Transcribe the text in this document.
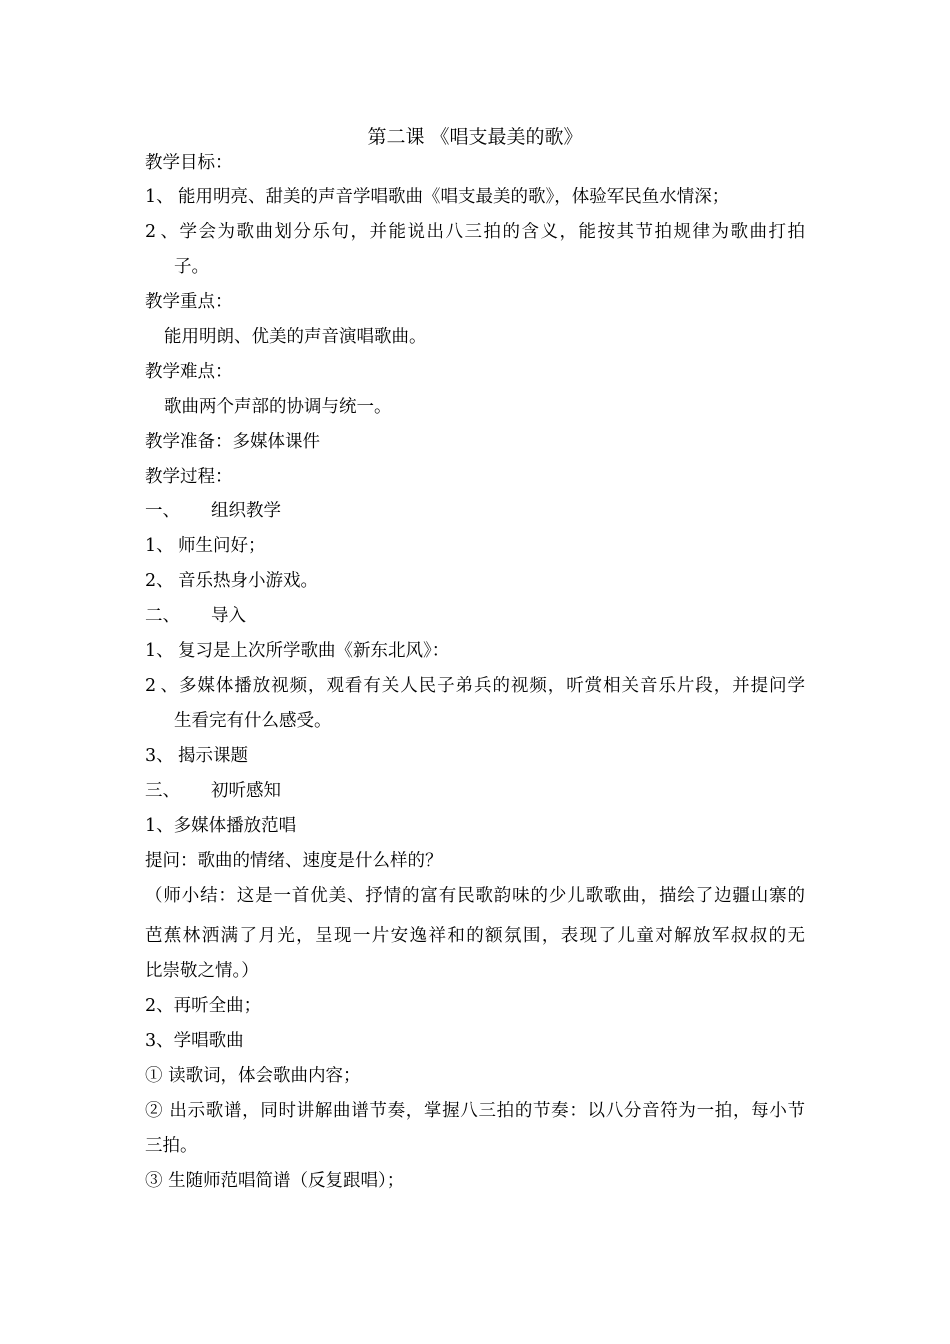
第二课 《唱支最美的歌》
教学目标：
1、 能用明亮、甜美的声音学唱歌曲《唱支最美的歌》，体验军民鱼水情深；
2、学会为歌曲划分乐句，并能说出八三拍的含义，能按其节拍规律为歌曲打拍
子。
教学重点：
能用明朗、优美的声音演唱歌曲。
教学难点：
歌曲两个声部的协调与统一。
教学准备：多媒体课件
教学过程：
一、 组织教学
1、 师生问好；
2、 音乐热身小游戏。
二、 导入
1、 复习是上次所学歌曲《新东北风》：
2、多媒体播放视频，观看有关人民子弟兵的视频，听赏相关音乐片段，并提问学
生看完有什么感受。
3、 揭示课题
三、 初听感知
1、多媒体播放范唱
提问：歌曲的情绪、速度是什么样的？
（师小结：这是一首优美、抒情的富有民歌韵味的少儿歌歌曲，描绘了边疆山寨的
芭蕉林洒满了月光，呈现一片安逸祥和的额氛围，表现了儿童对解放军叔叔的无
比崇敬之情。）
2、再听全曲；
3、学唱歌曲
① 读歌词，体会歌曲内容；
② 出示歌谱，同时讲解曲谱节奏，掌握八三拍的节奏：以八分音符为一拍，每小节
三拍。
③ 生随师范唱简谱（反复跟唱）；
